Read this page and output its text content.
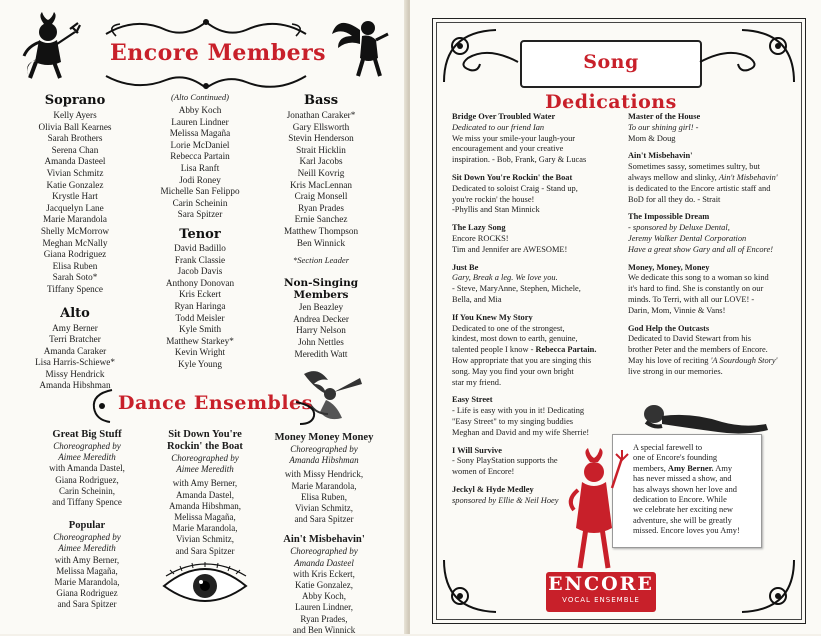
Encore Members
Soprano
Kelly Ayers
Olivia Ball Kearnes
Sarah Brothers
Serena Chan
Amanda Dasteel
Vivian Schmitz
Katie Gonzalez
Krystle Hart
Jacquelyn Lane
Marie Marandola
Shelly McMorrow
Meghan McNally
Giana Rodriguez
Elisa Ruben
Sarah Soto*
Tiffany Spence
Alto
Amy Berner
Terri Bratcher
Amanda Caraker
Lisa Harris-Schiewe*
Missy Hendrick
Amanda Hibshman
(Alto Continued)
Abby Koch
Lauren Lindner
Melissa Magaña
Lorie McDaniel
Rebecca Partain
Lisa Ranft
Jodi Roney
Michelle San Felippo
Carin Scheinin
Sara Spitzer
Tenor
David Badillo
Frank Classie
Jacob Davis
Anthony Donovan
Kris Eckert
Ryan Haringa
Todd Meisler
Kyle Smith
Matthew Starkey*
Kevin Wright
Kyle Young
Bass
Jonathan Caraker*
Gary Ellsworth
Stevin Henderson
Strait Hicklin
Karl Jacobs
Neill Kovrig
Kris MacLennan
Craig Monsell
Ryan Prades
Ernie Sanchez
Matthew Thompson
Ben Winnick
*Section Leader
Non-Singing Members
Jen Beazley
Andrea Decker
Harry Nelson
John Nettles
Meredith Watt
Dance Ensembles
Great Big Stuff
Choreographed by
Aimee Meredith
with Amanda Dastel,
Giana Rodriguez,
Carin Scheinin,
and Tiffany Spence
Popular
Choreographed by
Aimee Meredith
with Amy Berner,
Melissa Magaña,
Marie Marandola,
Giana Rodriguez
and Sara Spitzer
Sit Down You're
Rockin' the Boat
Choreographed by
Aimee Meredith
with Amy Berner,
Amanda Dastel,
Amanda Hibshman,
Melissa Magaña,
Marie Marandola,
Vivian Schmitz,
and Sara Spitzer
Money Money Money
Choreographed by
Amanda Hibshman
with Missy Hendrick,
Marie Marandola,
Elisa Ruben,
Vivian Schmitz,
and Sara Spitzer
Ain't Misbehavin'
Choreographed by
Amanda Dasteel
with Kris Eckert,
Katie Gonzalez,
Abby Koch,
Lauren Lindner,
Ryan Prades,
and Ben Winnick
Song Dedications
Bridge Over Troubled Water
Dedicated to our friend Ian
We miss your smile-your laugh-your
encouragement and your creative
inspiration. - Bob, Frank, Gary & Lucas
Sit Down You're Rockin' the Boat
Dedicated to soloist Craig - Stand up,
you're rockin' the house!
-Phyllis and Stan Minnick
The Lazy Song
Encore ROCKS!
Tim and Jennifer are AWESOME!
Just Be
Gary, Break a leg. We love you.
- Steve, MaryAnne, Stephen, Michele,
Bella, and Mia
If You Knew My Story
Dedicated to one of the strongest,
kindest, most down to earth, genuine,
talented people I know - Rebecca Partain.
How appropriate that you are singing this
song. May you find your own bright
star my friend.
Easy Street
- Life is easy with you in it! Dedicating
"Easy Street" to my singing buddies
Meghan and David and my wife Sherrie!
I Will Survive
- Sony PlayStation supports the
women of Encore!
Jeckyl & Hyde Medley
sponsored by Ellie & Neil Hoey
Master of the House
To our shining girl! -
Mom & Doug
Ain't Misbehavin'
Sometimes sassy, sometimes sultry, but
always mellow and slinky, Ain't Misbehavin'
is dedicated to the Encore artistic staff and
BoD for all they do. - Strait
The Impossible Dream
- sponsored by Deluxe Dental,
Jeremy Walker Dental Corporation
Have a great show Gary and all of Encore!
Money, Money, Money
We dedicate this song to a woman so kind
it's hard to find. She is constantly on our
minds. To Terri, with all our LOVE! -
Darin, Mom, Vinnie & Vans!
God Help the Outcasts
Dedicated to David Stewart from his
brother Peter and the members of Encore.
May his love of reciting 'A Sourdough Story'
live strong in our memories.
A special farewell to
one of Encore's founding
members, Amy Berner. Amy
has never missed a show, and
has always shown her love and
dedication to Encore. While
we celebrate her exciting new
adventure, she will be greatly
missed. Encore loves you Amy!
ENCORE
VOCAL ENSEMBLE
